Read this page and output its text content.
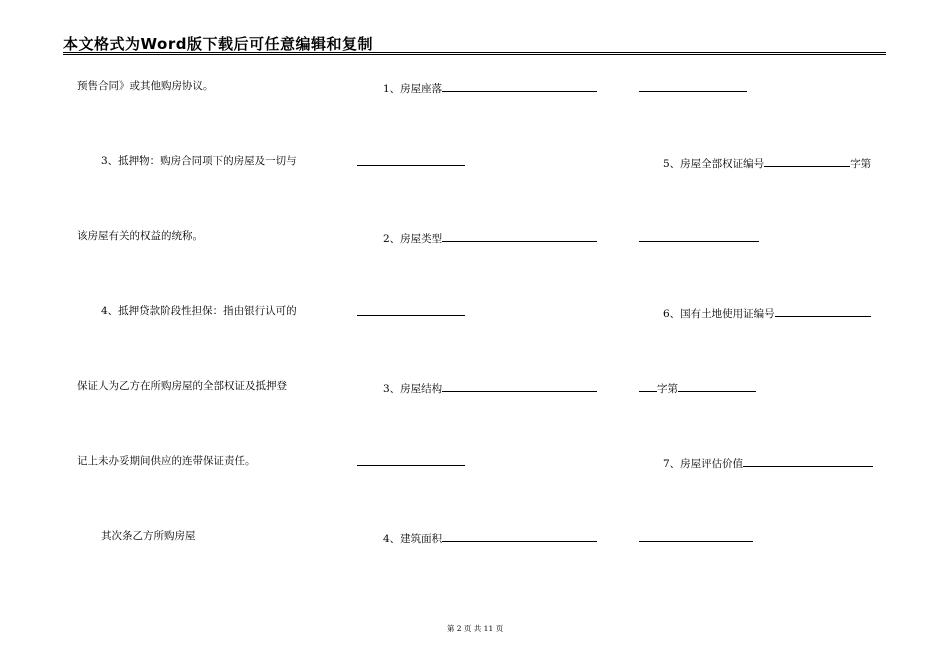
本文格式为Word版下载后可任意编辑和复制
预售合同》或其他购房协议。
3、抵押物：购房合同项下的房屋及一切与
该房屋有关的权益的统称。
4、抵押贷款阶段性担保：指由银行认可的
保证人为乙方在所购房屋的全部权证及抵押登
记上未办妥期间供应的连带保证责任。
其次条乙方所购房屋
1、房屋座落
2、房屋类型
3、房屋结构
4、建筑面积
5、房屋全部权证编号	字第
6、国有土地使用证编号
字第
7、房屋评估价值
第 2 页 共 11 页
